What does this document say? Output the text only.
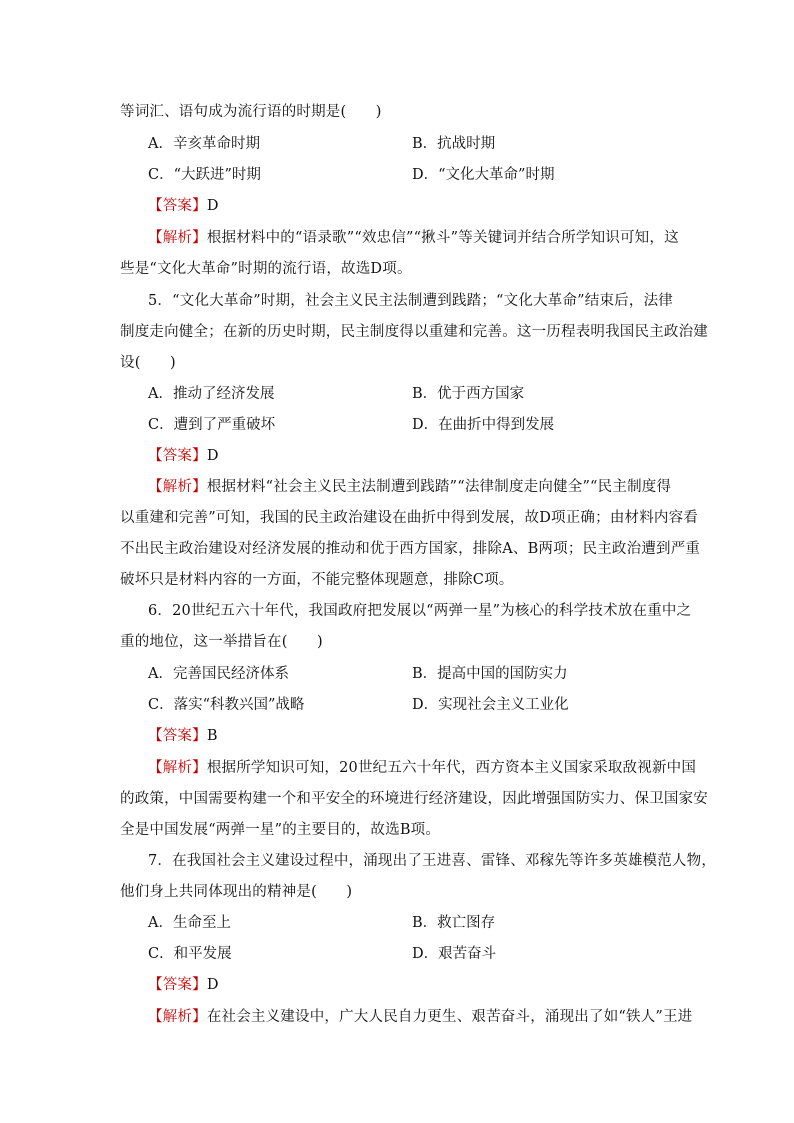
等词汇、语句成为流行语的时期是(　　)
A．辛亥革命时期	B．抗战时期
C．“大跃进”时期	D．“文化大革命”时期
【答案】D
【解析】根据材料中的“语录歌”“效忠信”“揪斗”等关键词并结合所学知识可知，这
些是“文化大革命”时期的流行语，故选D项。
5．“文化大革命”时期，社会主义民主法制遭到践踏；“文化大革命”结束后，法律
制度走向健全；在新的历史时期，民主制度得以重建和完善。这一历程表明我国民主政治建
设(　　)
A．推动了经济发展	B．优于西方国家
C．遭到了严重破坏	D．在曲折中得到发展
【答案】D
【解析】根据材料“社会主义民主法制遭到践踏”“法律制度走向健全”“民主制度得
以重建和完善”可知，我国的民主政治建设在曲折中得到发展，故D项正确；由材料内容看
不出民主政治建设对经济发展的推动和优于西方国家，排除A、B两项；民主政治遭到严重
破坏只是材料内容的一方面，不能完整体现题意，排除C项。
6．20世纪五六十年代，我国政府把发展以“两弹一星”为核心的科学技术放在重中之
重的地位，这一举措旨在(　　)
A．完善国民经济体系	B．提高中国的国防实力
C．落实“科教兴国”战略	D．实现社会主义工业化
【答案】B
【解析】根据所学知识可知，20世纪五六十年代，西方资本主义国家采取敌视新中国
的政策，中国需要构建一个和平安全的环境进行经济建设，因此增强国防实力、保卫国家安
全是中国发展“两弹一星”的主要目的，故选B项。
7．在我国社会主义建设过程中，涌现出了王进喜、雷锋、邓稼先等许多英雄模范人物，
他们身上共同体现出的精神是(　　)
A．生命至上	B．救亡图存
C．和平发展	D．艰苦奋斗
【答案】D
【解析】在社会主义建设中，广大人民自力更生、艰苦奋斗，涌现出了如“铁人”王进
